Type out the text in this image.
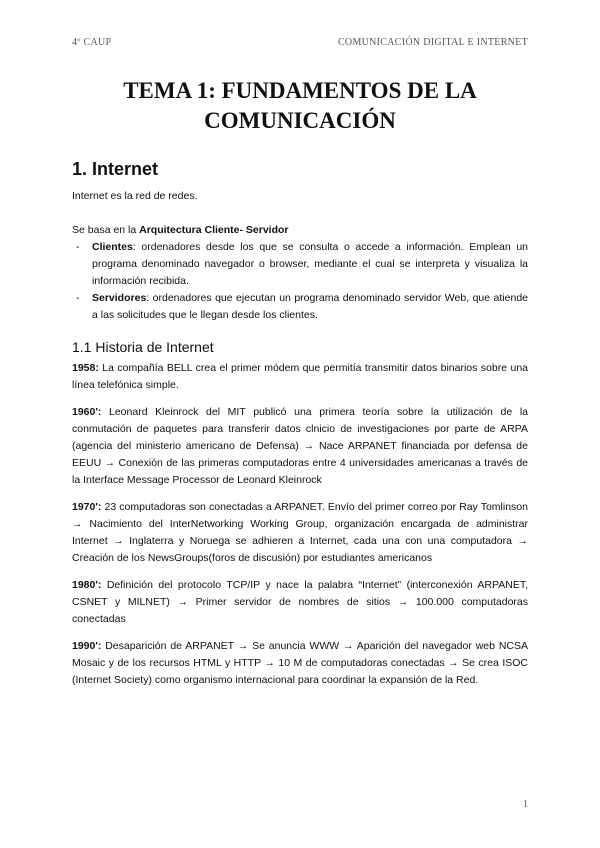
4º CAUP	COMUNICACIÓN DIGITAL E INTERNET
TEMA 1: FUNDAMENTOS DE LA
COMUNICACIÓN
1. Internet

Internet es la red de redes.

Se basa en la Arquitectura Cliente- Servidor

- Clientes: ordenadores desde los que se consulta o accede a información. Emplean un programa denominado navegador o browser, mediante el cual se interpreta y visualiza la información recibida.
- Servidores: ordenadores que ejecutan un programa denominado servidor Web, que atiende a las solicitudes que le llegan desde los clientes.
1.1 Historia de Internet

1958: La compañía BELL crea el primer módem que permitía transmitir datos binarios sobre una línea telefónica simple.

1960': Leonard Kleinrock del MIT publicó una primera teoría sobre la utilización de la conmutación de paquetes para transferir datos clnicio de investigaciones por parte de ARPA (agencia del ministerio americano de Defensa) → Nace ARPANET financiada por defensa de EEUU → Conexión de las primeras computadoras entre 4 universidades americanas a través de la Interface Message Processor de Leonard Kleinrock

1970': 23 computadoras son conectadas a ARPANET. Envío del primer correo por Ray Tomlinson → Nacimiento del InterNetworking Working Group, organización encargada de administrar Internet → Inglaterra y Noruega se adhieren a Internet, cada una con una computadora → Creación de los NewsGroups(foros de discusión) por estudiantes americanos

1980': Definición del protocolo TCP/IP y nace la palabra “Internet” (interconexión ARPANET, CSNET y MILNET) → Primer servidor de nombres de sitios → 100.000 computadoras conectadas

1990': Desaparición de ARPANET → Se anuncia WWW → Aparición del navegador web NCSA Mosaic y de los recursos HTML y HTTP → 10 M de computadoras conectadas → Se crea ISOC (Internet Society) como organismo internacional para coordinar la expansión de la Red.

1
